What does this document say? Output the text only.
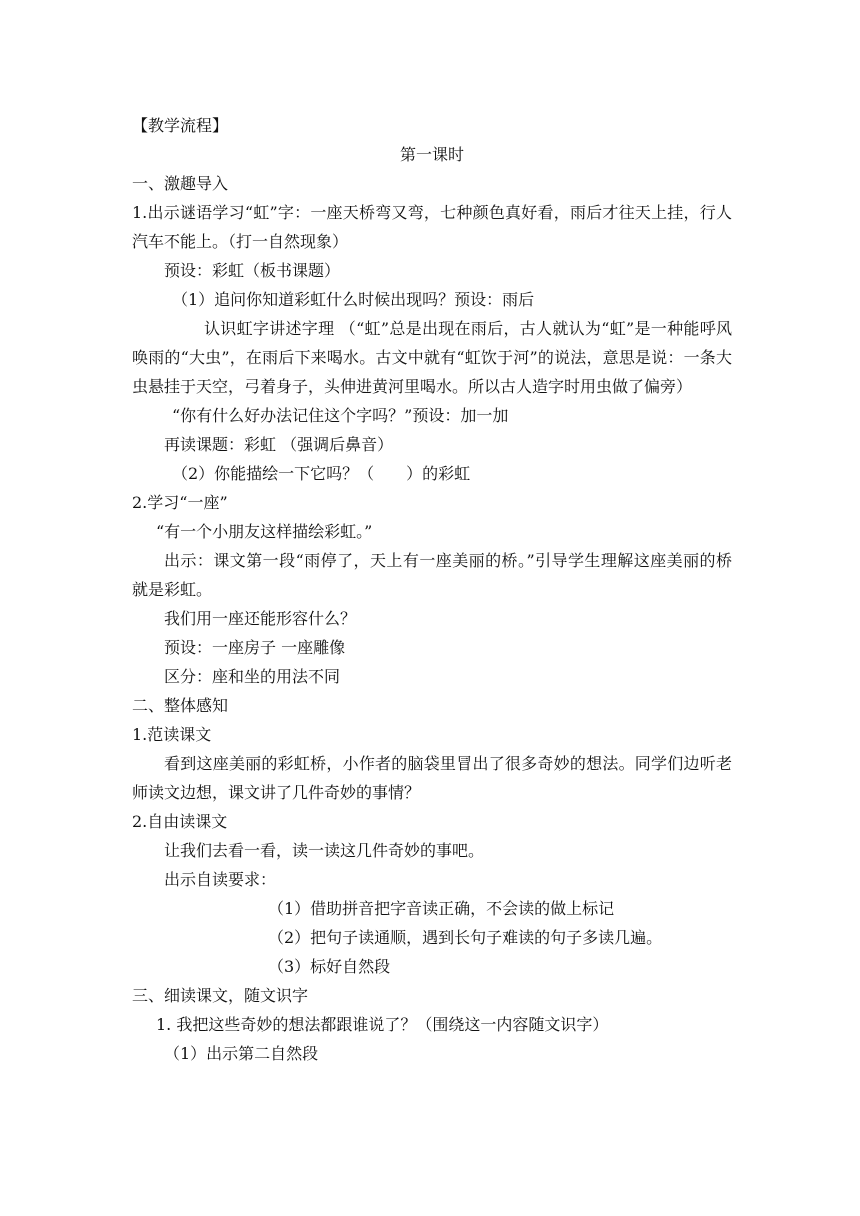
【教学流程】
第一课时
一、激趣导入
1.出示谜语学习“虹”字：一座天桥弯又弯，七种颜色真好看，雨后才往天上挂，行人汽车不能上。（打一自然现象）
预设：彩虹（板书课题）
（1）追问你知道彩虹什么时候出现吗？预设：雨后
认识虹字讲述字理 （“虹”总是出现在雨后，古人就认为“虹”是一种能呼风唤雨的“大虫”，在雨后下来喝水。古文中就有“虹饮于河”的说法，意思是说：一条大虫悬挂于天空，弓着身子，头伸进黄河里喝水。所以古人造字时用虫做了偏旁）
“你有什么好办法记住这个字吗？”预设：加一加
再读课题：彩虹 （强调后鼻音）
（2）你能描绘一下它吗？（　　）的彩虹
2.学习“一座”
“有一个小朋友这样描绘彩虹。”
出示：课文第一段“雨停了，天上有一座美丽的桥。”引导学生理解这座美丽的桥就是彩虹。
我们用一座还能形容什么？
预设：一座房子 一座雕像
区分：座和坐的用法不同
二、整体感知
1.范读课文
看到这座美丽的彩虹桥，小作者的脑袋里冒出了很多奇妙的想法。同学们边听老师读文边想，课文讲了几件奇妙的事情？
2.自由读课文
让我们去看一看，读一读这几件奇妙的事吧。
出示自读要求：
（1）借助拼音把字音读正确，不会读的做上标记
（2）把句子读通顺，遇到长句子难读的句子多读几遍。
（3）标好自然段
三、细读课文，随文识字
1. 我把这些奇妙的想法都跟谁说了？（围绕这一内容随文识字）
（1）出示第二自然段
